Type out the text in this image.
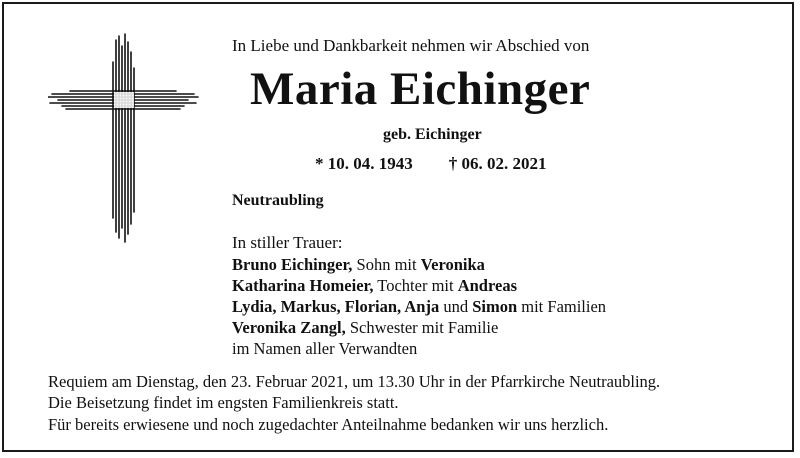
In Liebe und Dankbarkeit nehmen wir Abschied von
Maria Eichinger
geb. Eichinger
* 10. 04. 1943 † 06. 02. 2021
Neutraubling
In stiller Trauer:
Bruno Eichinger, Sohn mit Veronika
Katharina Homeier, Tochter mit Andreas
Lydia, Markus, Florian, Anja und Simon mit Familien
Veronika Zangl, Schwester mit Familie
im Namen aller Verwandten
Requiem am Dienstag, den 23. Februar 2021, um 13.30 Uhr in der Pfarrkirche Neutraubling.
Die Beisetzung findet im engsten Familienkreis statt.
Für bereits erwiesene und noch zugedachter Anteilnahme bedanken wir uns herzlich.
